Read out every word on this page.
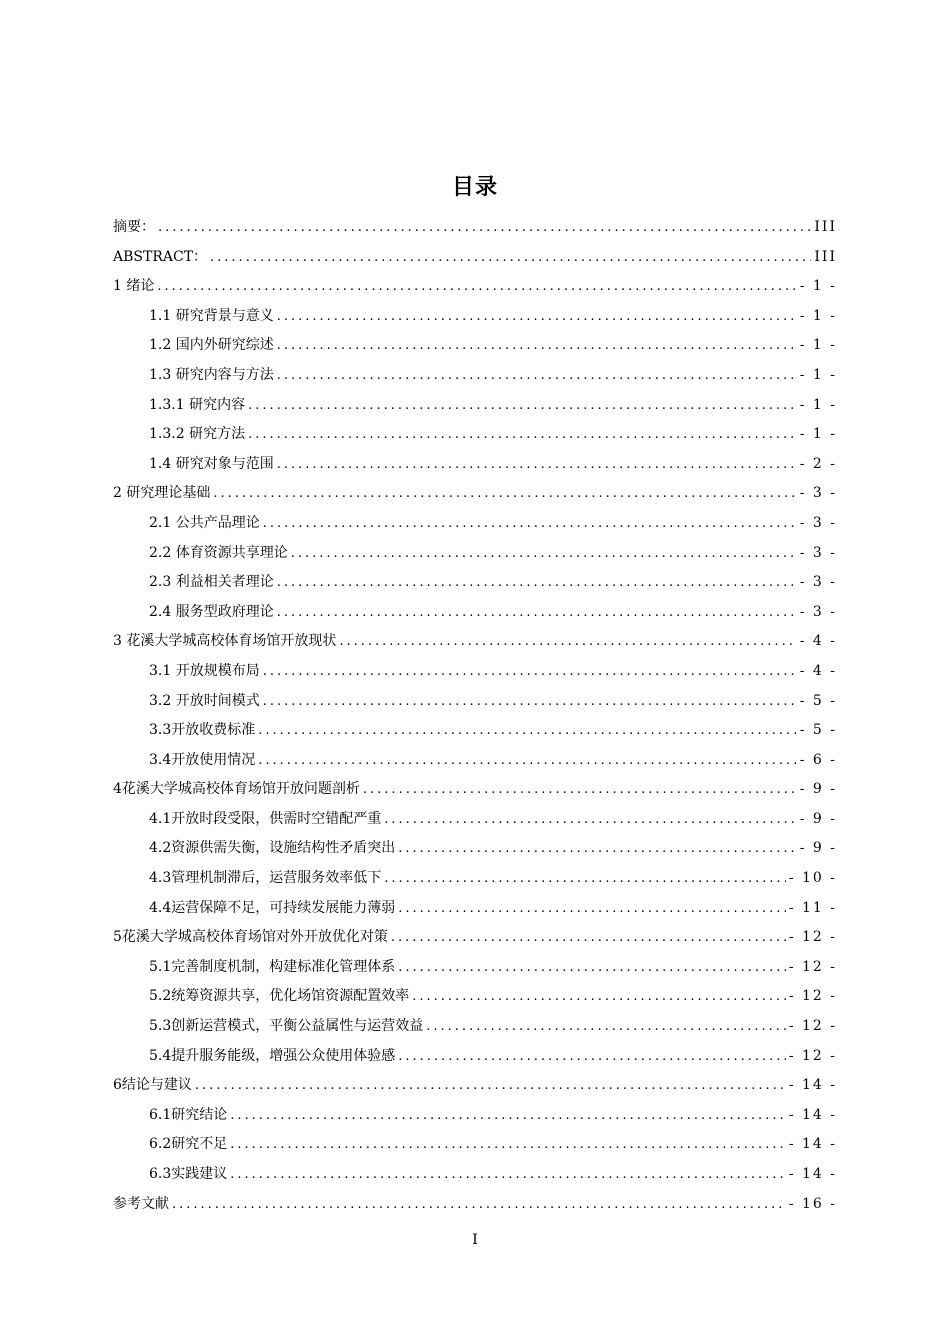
目录
摘要： .....	III
ABSTRACT： .....	III
1 绪论 .....	- 1 -
1.1 研究背景与意义 .....	- 1 -
1.2 国内外研究综述 .....	- 1 -
1.3 研究内容与方法 .....	- 1 -
1.3.1 研究内容 .....	- 1 -
1.3.2 研究方法 .....	- 1 -
1.4 研究对象与范围 .....	- 2 -
2 研究理论基础 .....	- 3 -
2.1 公共产品理论 .....	- 3 -
2.2 体育资源共享理论 .....	- 3 -
2.3 利益相关者理论 .....	- 3 -
2.4 服务型政府理论 .....	- 3 -
3 花溪大学城高校体育场馆开放现状 .....	- 4 -
3.1 开放规模布局 .....	- 4 -
3.2 开放时间模式 .....	- 5 -
3.3开放收费标准 .....	- 5 -
3.4开放使用情况 .....	- 6 -
4花溪大学城高校体育场馆开放问题剖析 .....	- 9 -
4.1开放时段受限，供需时空错配严重 .....	- 9 -
4.2资源供需失衡，设施结构性矛盾突出 .....	- 9 -
4.3管理机制滞后，运营服务效率低下 .....	- 10 -
4.4运营保障不足，可持续发展能力薄弱 .....	- 11 -
5花溪大学城高校体育场馆对外开放优化对策 .....	- 12 -
5.1完善制度机制，构建标准化管理体系 .....	- 12 -
5.2统筹资源共享，优化场馆资源配置效率 .....	- 12 -
5.3创新运营模式，平衡公益属性与运营效益 .....	- 12 -
5.4提升服务能级，增强公众使用体验感 .....	- 12 -
6结论与建议 .....	- 14 -
6.1研究结论 .....	- 14 -
6.2研究不足 .....	- 14 -
6.3实践建议 .....	- 14 -
参考文献 .....	- 16 -
I
